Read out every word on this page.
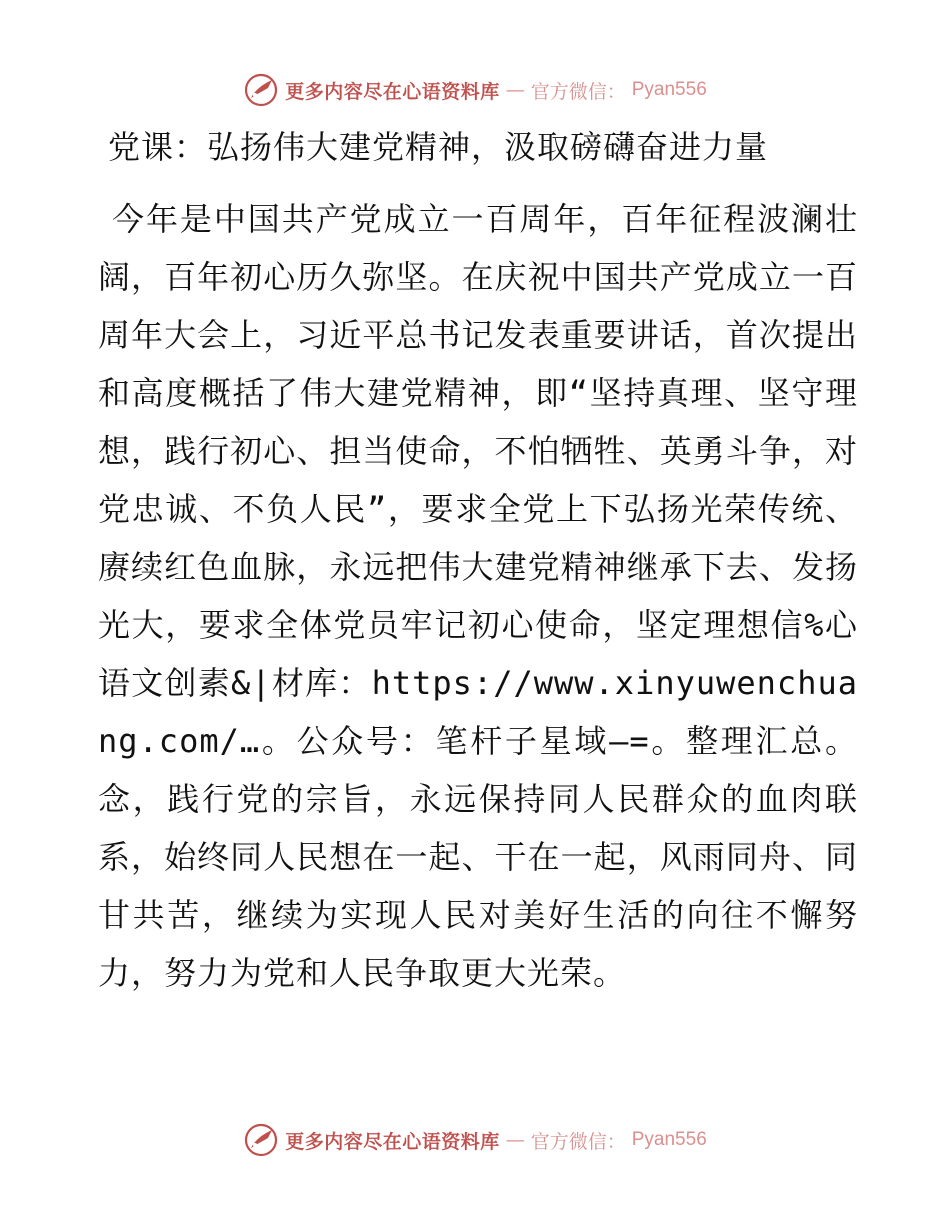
更多内容尽在心语资料库 — 官方微信： Pyan556
党课：弘扬伟大建党精神，汲取磅礴奋进力量

今年是中国共产党成立一百周年，百年征程波澜壮阔，百年初心历久弥坚。在庆祝中国共产党成立一百周年大会上，习近平总书记发表重要讲话，首次提出和高度概括了伟大建党精神，即“坚持真理、坚守理想，践行初心、担当使命，不怕牺牲、英勇斗争，对党忠诚、不负人民”，要求全党上下弘扬光荣传统、赓续红色血脉，永远把伟大建党精神继承下去、发扬光大，要求全体党员牢记初心使命，坚定理想信%心语文创素&|材库：https://www.xinyuwenchuang.com/…。公众号：笔杆子星域—=。整理汇总。念，践行党的宗旨，永远保持同人民群众的血肉联系，始终同人民想在一起、干在一起，风雨同舟、同甘共苦，继续为实现人民对美好生活的向往不懈努力，努力为党和人民争取更大光荣。

更多内容尽在心语资料库 — 官方微信： Pyan556
